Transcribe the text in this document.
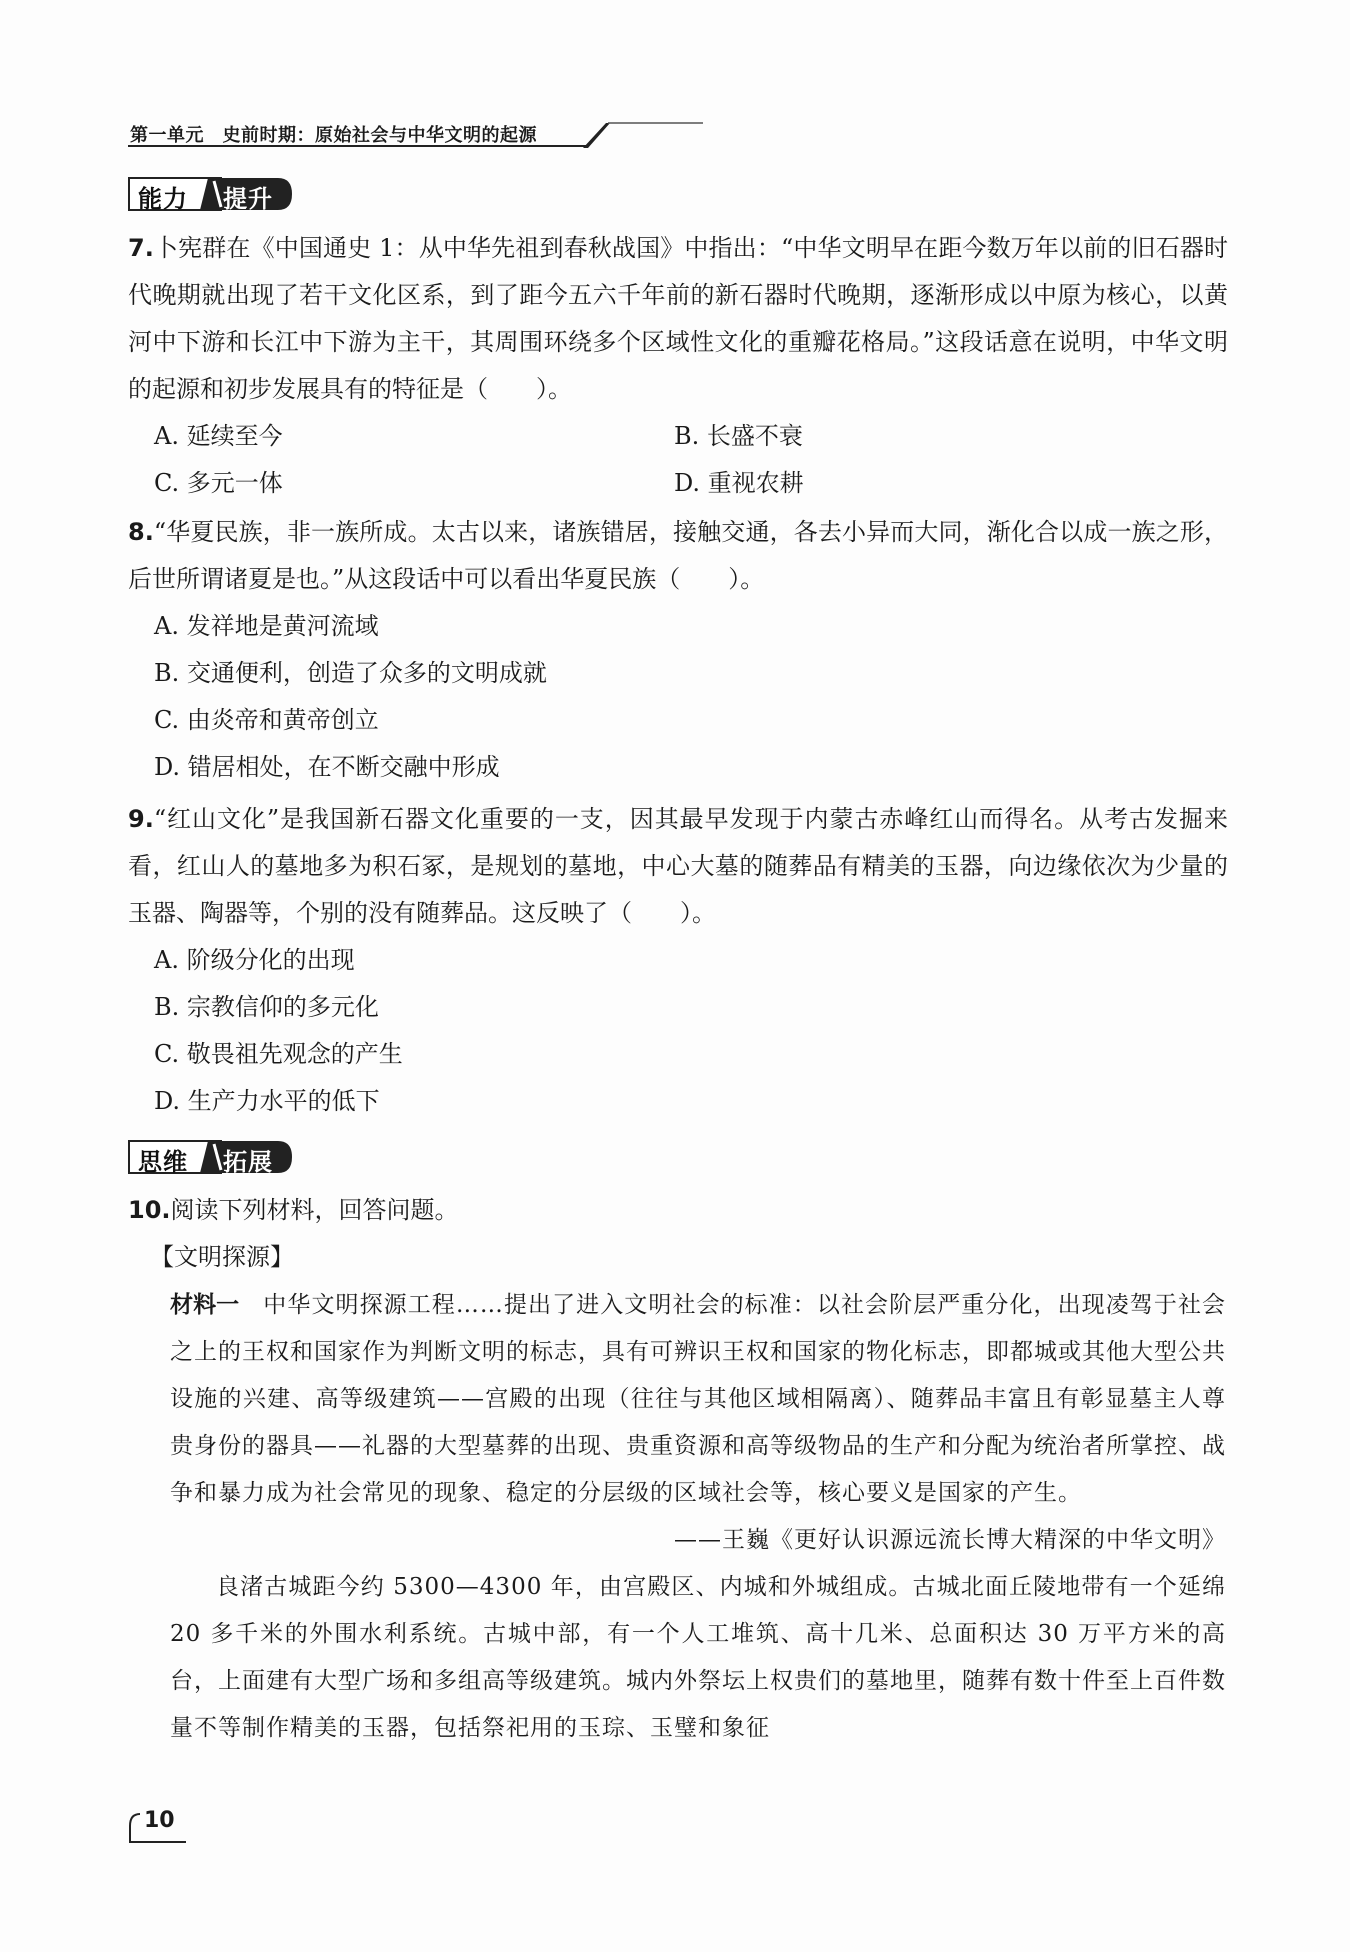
第一单元　史前时期：原始社会与中华文明的起源
能力 提升

7.卜宪群在《中国通史 1：从中华先祖到春秋战国》中指出：“中华文明早在距今数万年以前的旧石器时代晚期就出现了若干文化区系，到了距今五六千年前的新石器时代晚期，逐渐形成以中原为核心，以黄河中下游和长江中下游为主干，其周围环绕多个区域性文化的重瓣花格局。”这段话意在说明，中华文明的起源和初步发展具有的特征是（　　）。

A. 延续至今	B. 长盛不衰
C. 多元一体	D. 重视农耕

8.“华夏民族，非一族所成。太古以来，诸族错居，接触交通，各去小异而大同，渐化合以成一族之形，后世所谓诸夏是也。”从这段话中可以看出华夏民族（　　）。

A. 发祥地是黄河流域
B. 交通便利，创造了众多的文明成就
C. 由炎帝和黄帝创立
D. 错居相处，在不断交融中形成

9.“红山文化”是我国新石器文化重要的一支，因其最早发现于内蒙古赤峰红山而得名。从考古发掘来看，红山人的墓地多为积石冢，是规划的墓地，中心大墓的随葬品有精美的玉器，向边缘依次为少量的玉器、陶器等，个别的没有随葬品。这反映了（　　）。

A. 阶级分化的出现
B. 宗教信仰的多元化
C. 敬畏祖先观念的产生
D. 生产力水平的低下
思维 拓展

10.阅读下列材料，回答问题。

【文明探源】

材料一　 中华文明探源工程……提出了进入文明社会的标准：以社会阶层严重分化，出现凌驾于社会之上的王权和国家作为判断文明的标志，具有可辨识王权和国家的物化标志，即都城或其他大型公共设施的兴建、高等级建筑——宫殿的出现（往往与其他区域相隔离）、随葬品丰富且有彰显墓主人尊贵身份的器具——礼器的大型墓葬的出现、贵重资源和高等级物品的生产和分配为统治者所掌控、战争和暴力成为社会常见的现象、稳定的分层级的区域社会等，核心要义是国家的产生。

——王巍《更好认识源远流长博大精深的中华文明》

良渚古城距今约 5300—4300 年，由宫殿区、内城和外城组成。古城北面丘陵地带有一个延绵 20 多千米的外围水利系统。古城中部，有一个人工堆筑、高十几米、总面积达 30 万平方米的高台，上面建有大型广场和多组高等级建筑。城内外祭坛上权贵们的墓地里，随葬有数十件至上百件数量不等制作精美的玉器，包括祭祀用的玉琮、玉璧和象征

10
